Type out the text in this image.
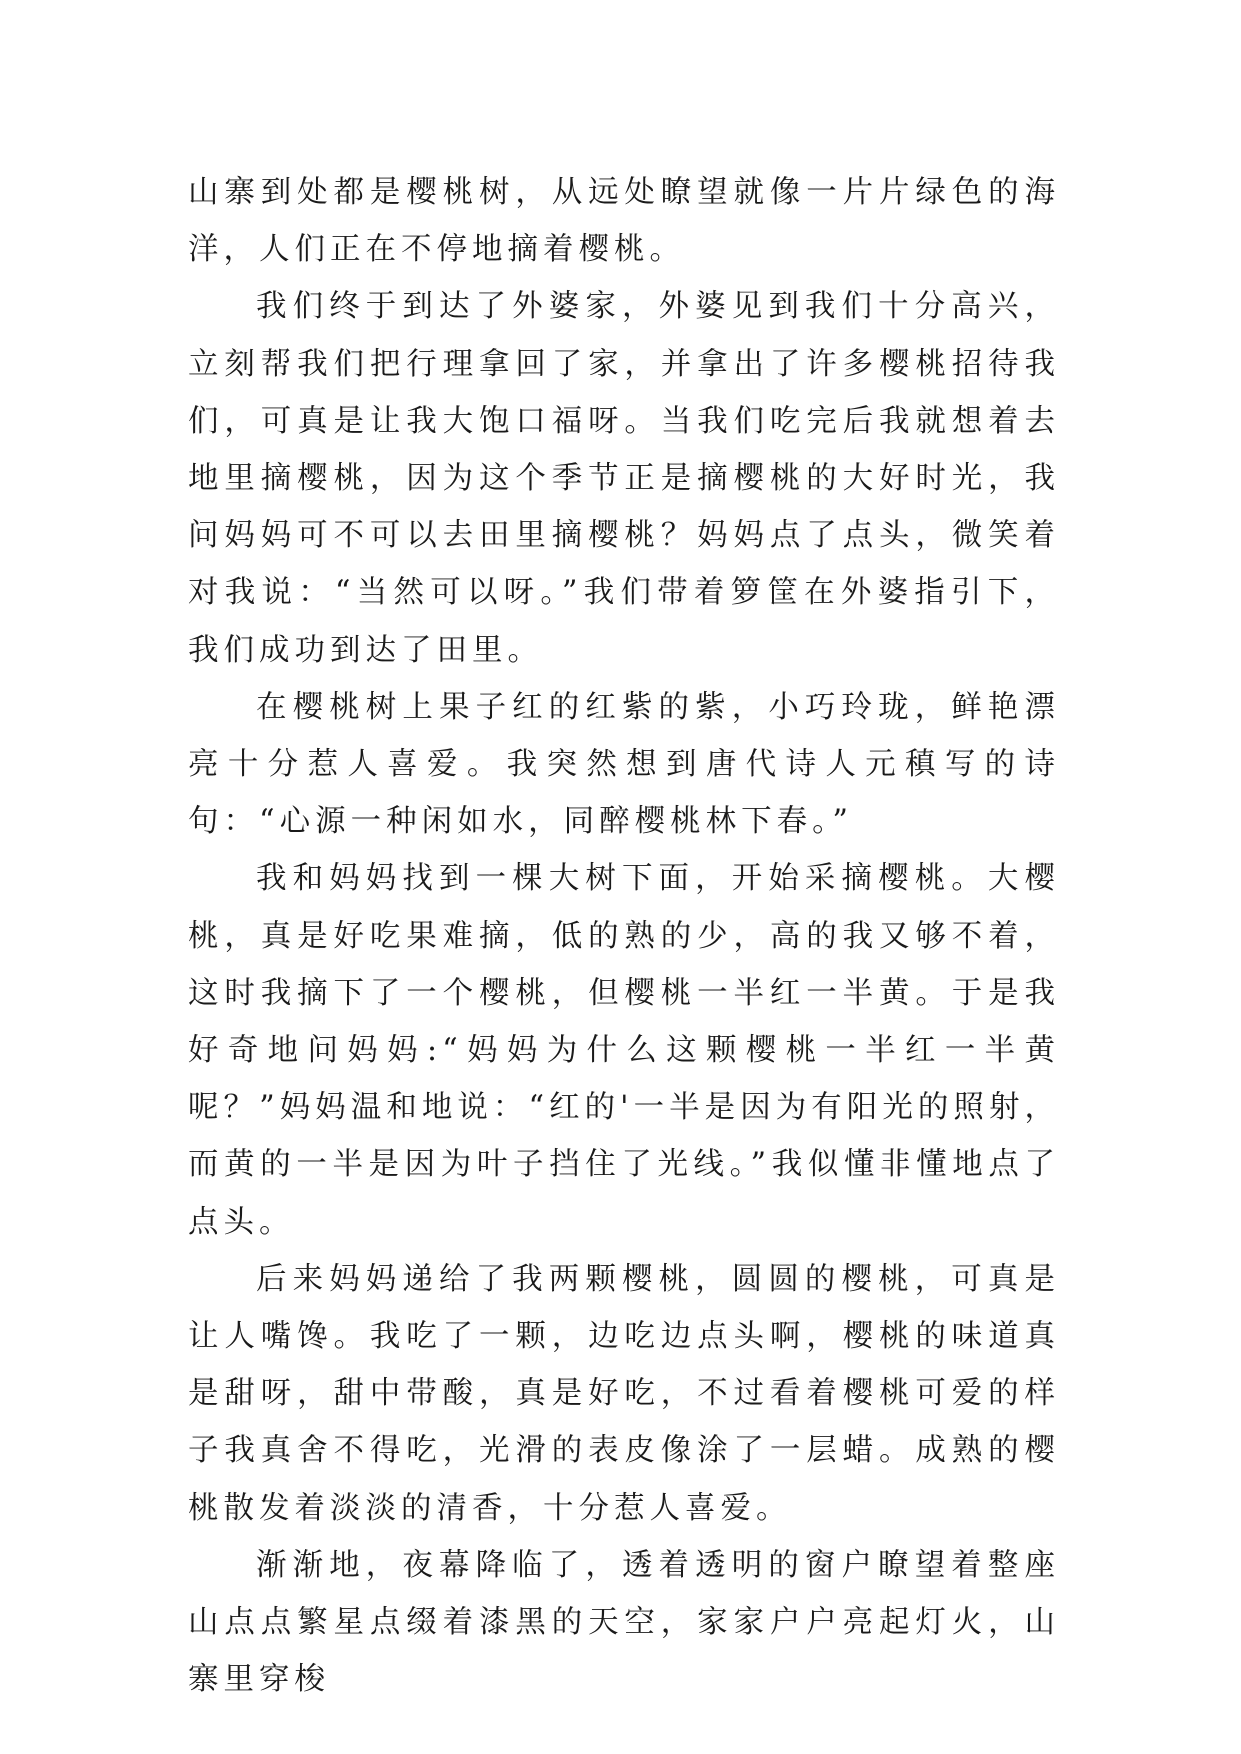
山寨到处都是樱桃树，从远处瞭望就像一片片绿色的海洋，人们正在不停地摘着樱桃。

我们终于到达了外婆家，外婆见到我们十分高兴，立刻帮我们把行理拿回了家，并拿出了许多樱桃招待我们，可真是让我大饱口福呀。当我们吃完后我就想着去地里摘樱桃，因为这个季节正是摘樱桃的大好时光，我问妈妈可不可以去田里摘樱桃？妈妈点了点头，微笑着对我说：“当然可以呀。”我们带着箩筐在外婆指引下，我们成功到达了田里。

在樱桃树上果子红的红紫的紫，小巧玲珑，鲜艳漂亮十分惹人喜爱。我突然想到唐代诗人元稹写的诗句：“心源一种闲如水，同醉樱桃林下春。”

我和妈妈找到一棵大树下面，开始采摘樱桃。大樱桃，真是好吃果难摘，低的熟的少，高的我又够不着，这时我摘下了一个樱桃，但樱桃一半红一半黄。于是我好奇地问妈妈:“妈妈为什么这颗樱桃一半红一半黄呢？”妈妈温和地说：“红的'一半是因为有阳光的照射，而黄的一半是因为叶子挡住了光线。”我似懂非懂地点了点头。

后来妈妈递给了我两颗樱桃，圆圆的樱桃，可真是让人嘴馋。我吃了一颗，边吃边点头啊，樱桃的味道真是甜呀，甜中带酸，真是好吃，不过看着樱桃可爱的样子我真舍不得吃，光滑的表皮像涂了一层蜡。成熟的樱桃散发着淡淡的清香，十分惹人喜爱。

渐渐地，夜幕降临了，透着透明的窗户瞭望着整座山点点繁星点缀着漆黑的天空，家家户户亮起灯火，山寨里穿梭
